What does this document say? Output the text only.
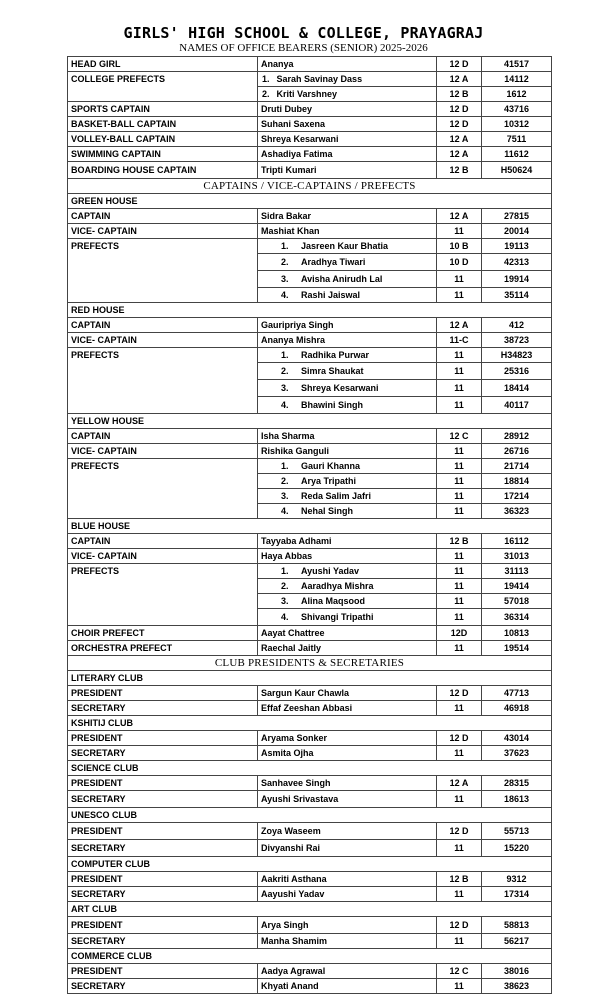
GIRLS' HIGH SCHOOL & COLLEGE, PRAYAGRAJ
NAMES OF OFFICE BEARERS (SENIOR) 2025-2026
HEAD GIRL	Ananya	12 D	41517
COLLEGE PREFECTS	1. Sarah Savinay Dass	12 A	14112
	2. Kriti Varshney	12 B	1612
SPORTS CAPTAIN	Druti Dubey	12 D	43716
BASKET-BALL CAPTAIN	Suhani Saxena	12 D	10312
VOLLEY-BALL CAPTAIN	Shreya Kesarwani	12 A	7511
SWIMMING CAPTAIN	Ashadiya Fatima	12 A	11612
BOARDING HOUSE CAPTAIN	Tripti Kumari	12 B	H50624
CAPTAINS / VICE-CAPTAINS / PREFECTS			
GREEN HOUSE			
CAPTAIN	Sidra Bakar	12 A	27815
VICE- CAPTAIN	Mashiat Khan	11	20014
PREFECTS	1. Jasreen Kaur Bhatia	10 B	19113
	2. Aradhya Tiwari	10 D	42313
	3. Avisha Anirudh Lal	11	19914
	4. Rashi Jaiswal	11	35114
RED HOUSE			
CAPTAIN	Gauripriya Singh	12 A	412
VICE- CAPTAIN	Ananya Mishra	11-C	38723
PREFECTS	1. Radhika Purwar	11	H34823
	2. Simra Shaukat	11	25316
	3. Shreya Kesarwani	11	18414
	4. Bhawini Singh	11	40117
YELLOW HOUSE			
CAPTAIN	Isha Sharma	12 C	28912
VICE- CAPTAIN	Rishika Ganguli	11	26716
PREFECTS	1. Gauri Khanna	11	21714
	2. Arya Tripathi	11	18814
	3. Reda Salim Jafri	11	17214
	4. Nehal Singh	11	36323
BLUE HOUSE			
CAPTAIN	Tayyaba Adhami	12 B	16112
VICE- CAPTAIN	Haya Abbas	11	31013
PREFECTS	1. Ayushi Yadav	11	31113
	2. Aaradhya Mishra	11	19414
	3. Alina Maqsood	11	57018
	4. Shivangi Tripathi	11	36314
CHOIR PREFECT	Aayat Chattree	12D	10813
ORCHESTRA PREFECT	Raechal Jaitly	11	19514
CLUB PRESIDENTS & SECRETARIES			
LITERARY CLUB			
PRESIDENT	Sargun Kaur Chawla	12 D	47713
SECRETARY	Effaf Zeeshan Abbasi	11	46918
KSHITIJ CLUB			
PRESIDENT	Aryama Sonker	12 D	43014
SECRETARY	Asmita Ojha	11	37623
SCIENCE CLUB			
PRESIDENT	Sanhavee Singh	12 A	28315
SECRETARY	Ayushi Srivastava	11	18613
UNESCO CLUB			
PRESIDENT	Zoya Waseem	12 D	55713
SECRETARY	Divyanshi Rai	11	15220
COMPUTER CLUB			
PRESIDENT	Aakriti Asthana	12 B	9312
SECRETARY	Aayushi Yadav	11	17314
ART CLUB			
PRESIDENT	Arya Singh	12 D	58813
SECRETARY	Manha Shamim	11	56217
COMMERCE CLUB			
PRESIDENT	Aadya Agrawal	12 C	38016
SECRETARY	Khyati Anand	11	38623
